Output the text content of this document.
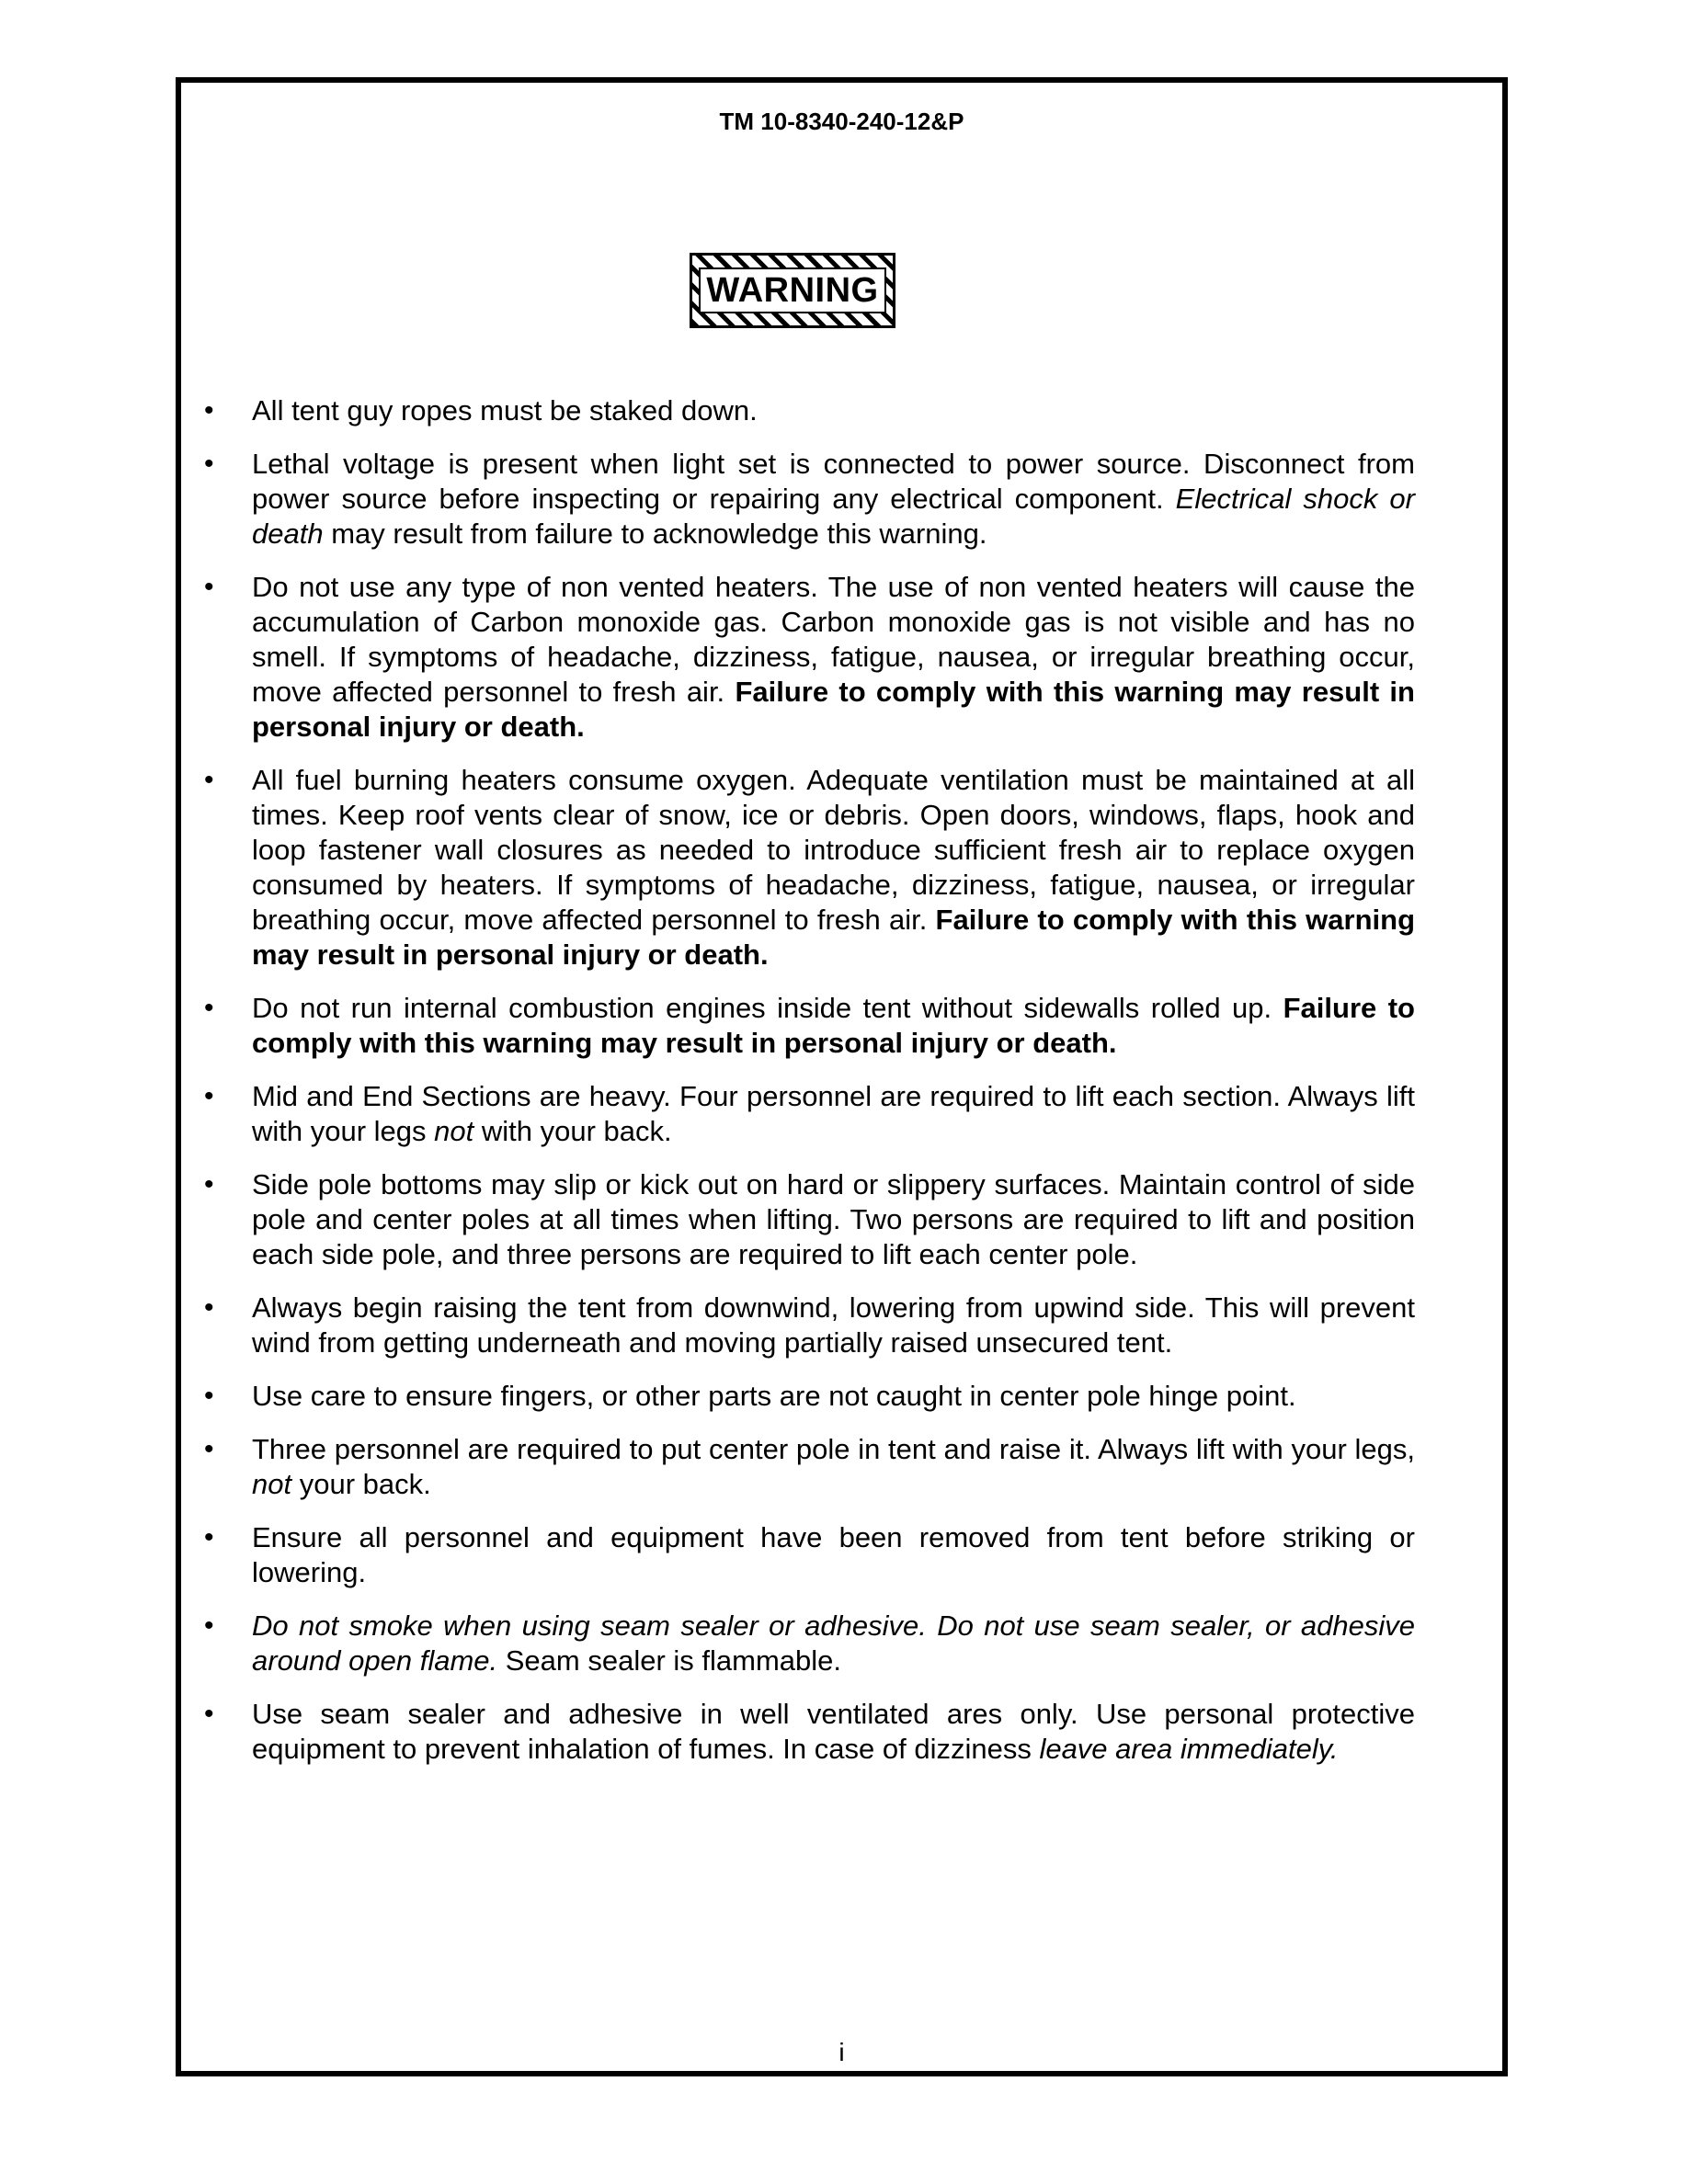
TM 10-8340-240-12&P
WARNING
•	All tent guy ropes must be staked down.
•	Lethal voltage is present when light set is connected to power source. Disconnect from power source before inspecting or repairing any electrical component. Electrical shock or death may result from failure to acknowledge this warning.
•	Do not use any type of non vented heaters. The use of non vented heaters will cause the accumulation of Carbon monoxide gas. Carbon monoxide gas is not visible and has no smell. If symptoms of headache, dizziness, fatigue, nausea, or irregular breathing occur, move affected personnel to fresh air. Failure to comply with this warning may result in personal injury or death.
•	All fuel burning heaters consume oxygen. Adequate ventilation must be maintained at all times. Keep roof vents clear of snow, ice or debris. Open doors, windows, flaps, hook and loop fastener wall closures as needed to introduce sufficient fresh air to replace oxygen consumed by heaters. If symptoms of headache, dizziness, fatigue, nausea, or irregular breathing occur, move affected personnel to fresh air. Failure to comply with this warning may result in personal injury or death.
•	Do not run internal combustion engines inside tent without sidewalls rolled up. Failure to comply with this warning may result in personal injury or death.
•	Mid and End Sections are heavy. Four personnel are required to lift each section. Always lift with your legs not with your back.
•	Side pole bottoms may slip or kick out on hard or slippery surfaces. Maintain control of side pole and center poles at all times when lifting. Two persons are required to lift and position each side pole, and three persons are required to lift each center pole.
•	Always begin raising the tent from downwind, lowering from upwind side. This will prevent wind from getting underneath and moving partially raised unsecured tent.
•	Use care to ensure fingers, or other parts are not caught in center pole hinge point.
•	Three personnel are required to put center pole in tent and raise it. Always lift with your legs, not your back.
•	Ensure all personnel and equipment have been removed from tent before striking or lowering.
•	Do not smoke when using seam sealer or adhesive. Do not use seam sealer, or adhesive around open flame. Seam sealer is flammable.
•	Use seam sealer and adhesive in well ventilated ares only. Use personal protective equipment to prevent inhalation of fumes. In case of dizziness leave area immediately.
i
